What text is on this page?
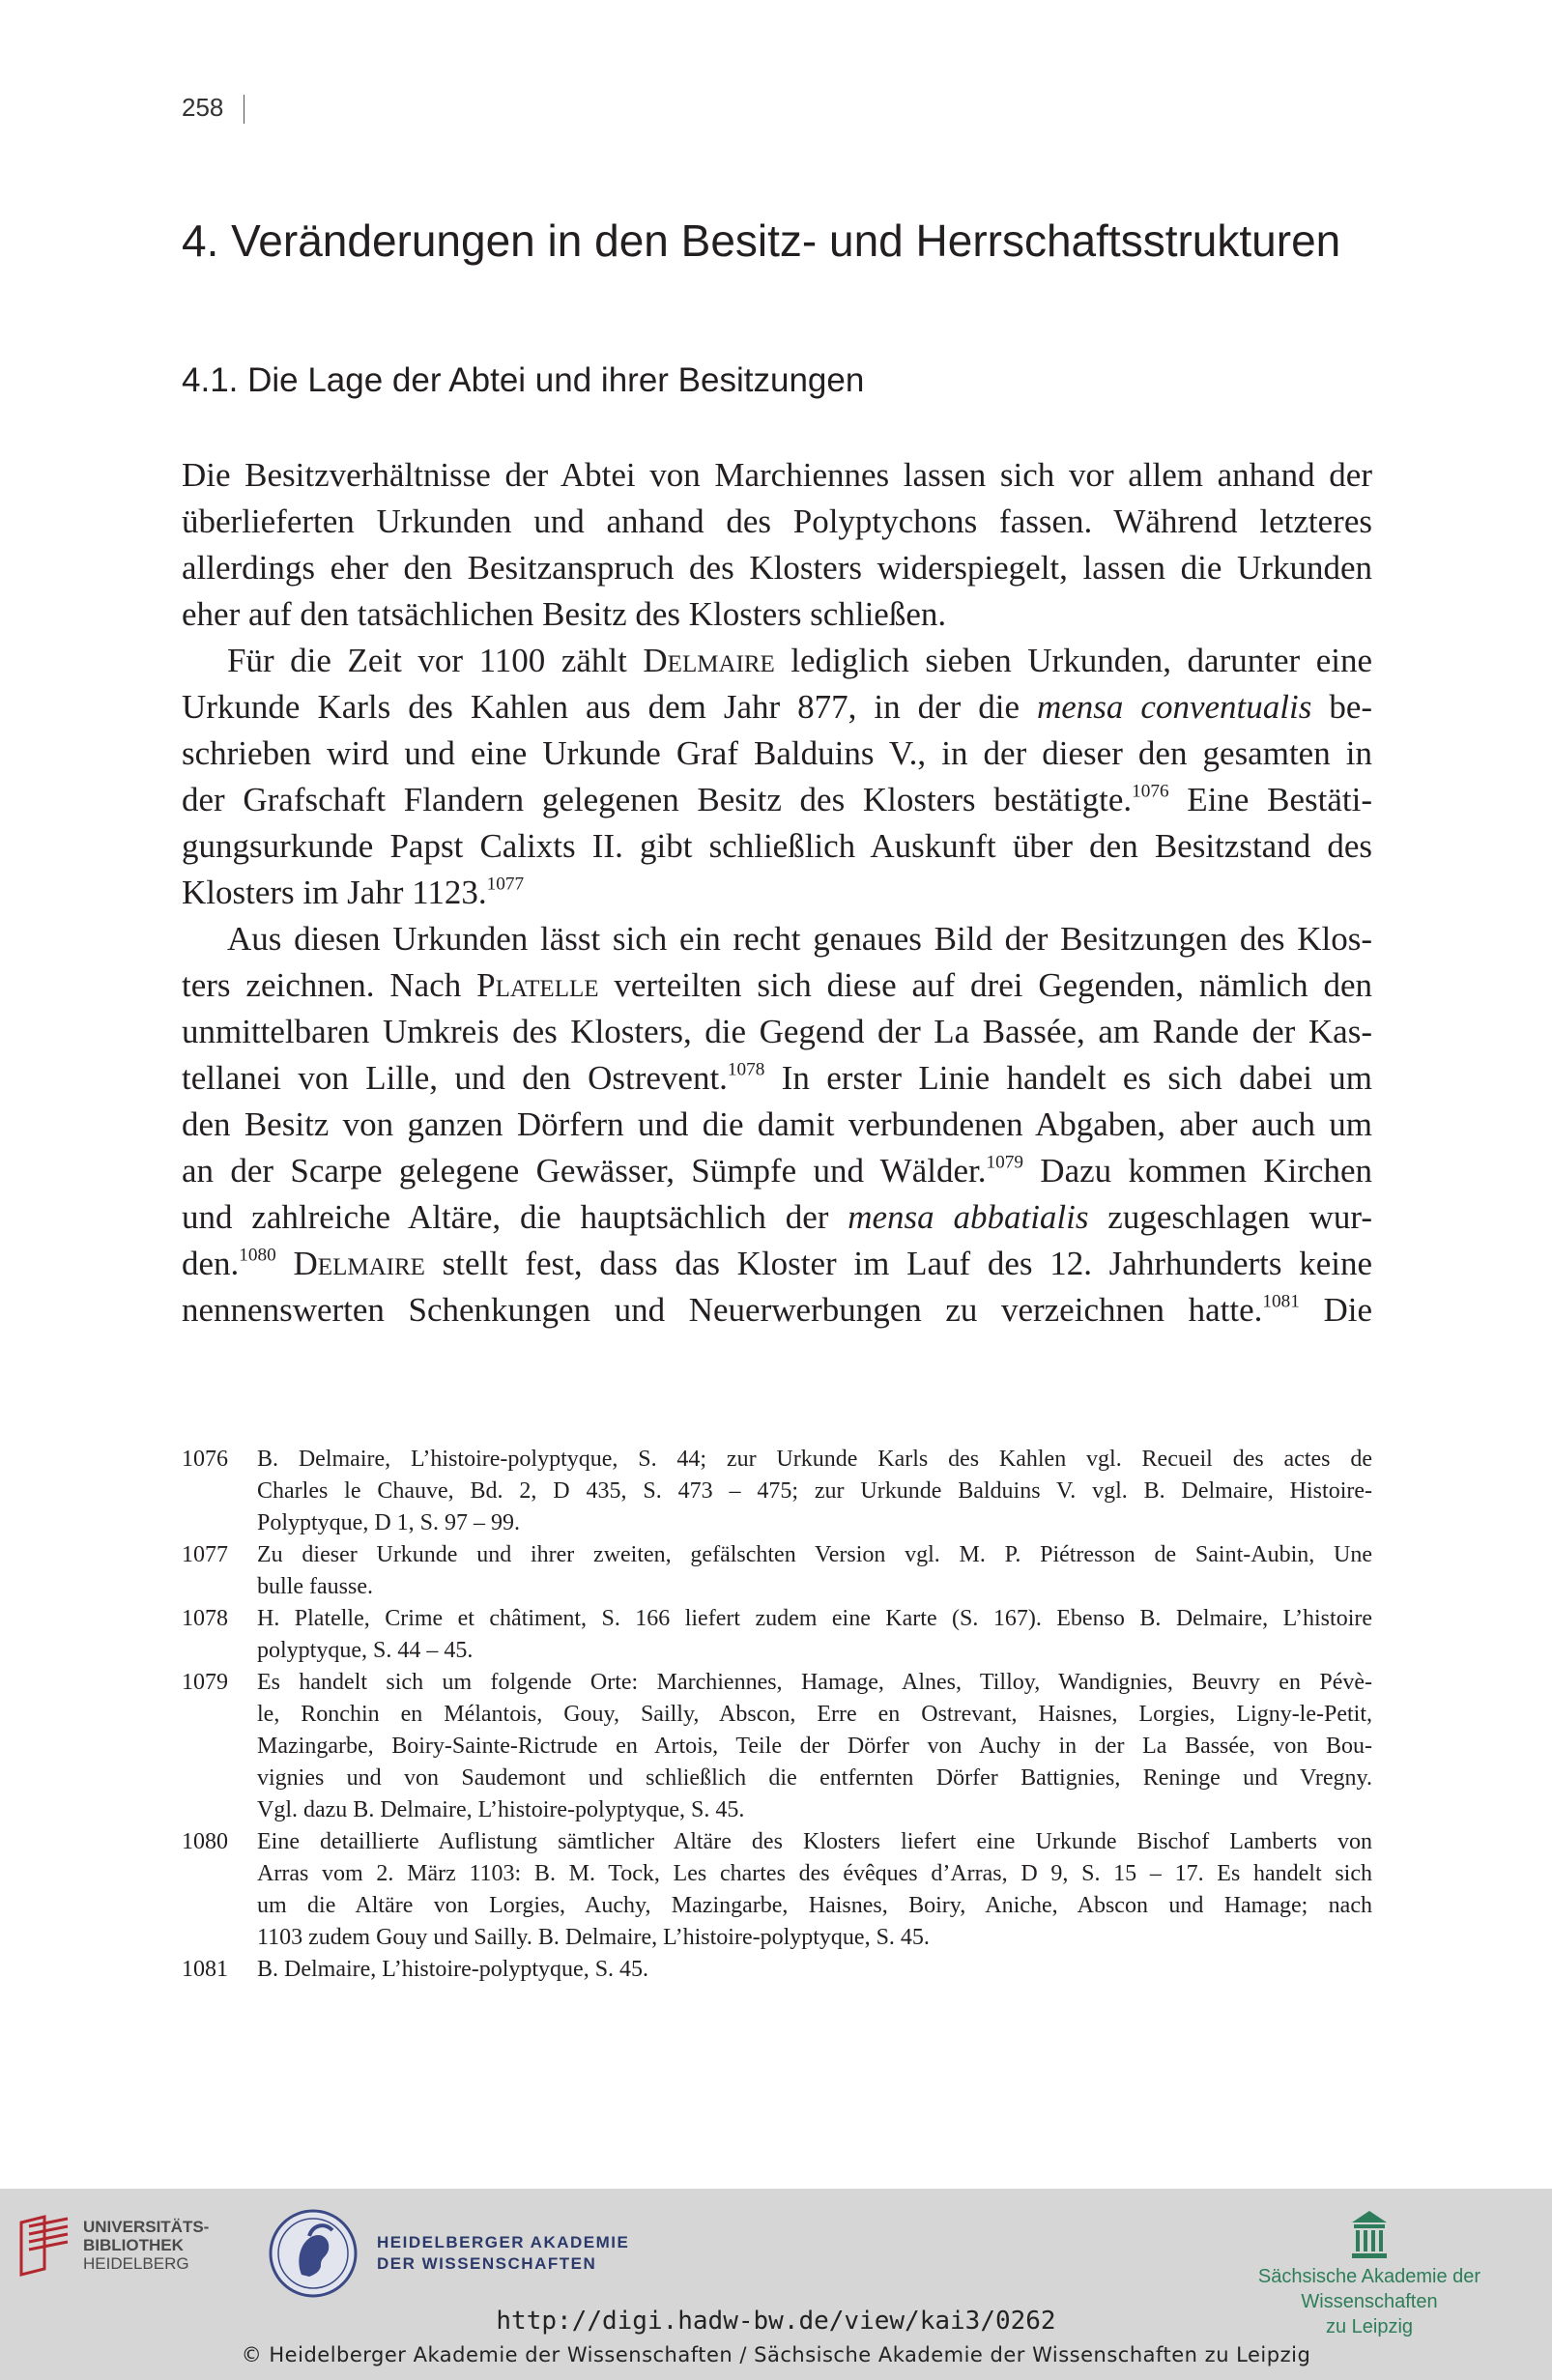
258
4. Veränderungen in den Besitz- und Herrschaftsstrukturen
4.1. Die Lage der Abtei und ihrer Besitzungen
Die Besitzverhältnisse der Abtei von Marchiennes lassen sich vor allem anhand der
überlieferten Urkunden und anhand des Polyptychons fassen. Während letzteres
allerdings eher den Besitzanspruch des Klosters widerspiegelt, lassen die Urkunden
eher auf den tatsächlichen Besitz des Klosters schließen.
Für die Zeit vor 1100 zählt Delmaire lediglich sieben Urkunden, darunter eine
Urkunde Karls des Kahlen aus dem Jahr 877, in der die mensa conventualis be-
schrieben wird und eine Urkunde Graf Balduins V., in der dieser den gesamten in
der Grafschaft Flandern gelegenen Besitz des Klosters bestätigte.$^{1076}$ Eine Bestäti-
gungsurkunde Papst Calixts II. gibt schließlich Auskunft über den Besitzstand des
Klosters im Jahr 1123.$^{1077}$
Aus diesen Urkunden lässt sich ein recht genaues Bild der Besitzungen des Klos-
ters zeichnen. Nach Platelle verteilten sich diese auf drei Gegenden, nämlich den
unmittelbaren Umkreis des Klosters, die Gegend der La Bassée, am Rande der Kas-
tellanei von Lille, und den Ostrevent.$^{1078}$ In erster Linie handelt es sich dabei um
den Besitz von ganzen Dörfern und die damit verbundenen Abgaben, aber auch um
an der Scarpe gelegene Gewässer, Sümpfe und Wälder.$^{1079}$ Dazu kommen Kirchen
und zahlreiche Altäre, die hauptsächlich der mensa abbatialis zugeschlagen wur-
den.$^{1080}$ Delmaire stellt fest, dass das Kloster im Lauf des 12. Jahrhunderts keine
nennenswerten Schenkungen und Neuerwerbungen zu verzeichnen hatte.$^{1081}$ Die
1076	B. Delmaire, L’histoire-polyptyque, S. 44; zur Urkunde Karls des Kahlen vgl. Recueil des actes de
Charles le Chauve, Bd. 2, D 435, S. 473 – 475; zur Urkunde Balduins V. vgl. B. Delmaire, Histoire-
Polyptyque, D 1, S. 97 – 99.
1077	Zu dieser Urkunde und ihrer zweiten, gefälschten Version vgl. M. P. Piétresson de Saint-Aubin, Une
bulle fausse.
1078	H. Platelle, Crime et châtiment, S. 166 liefert zudem eine Karte (S. 167). Ebenso B. Delmaire, L’histoire
polyptyque, S. 44 – 45.
1079	Es handelt sich um folgende Orte: Marchiennes, Hamage, Alnes, Tilloy, Wandignies, Beuvry en Pévè-
le, Ronchin en Mélantois, Gouy, Sailly, Abscon, Erre en Ostrevant, Haisnes, Lorgies, Ligny-le-Petit,
Mazingarbe, Boiry-Sainte-Rictrude en Artois, Teile der Dörfer von Auchy in der La Bassée, von Bou-
vignies und von Saudemont und schließlich die entfernten Dörfer Battignies, Reninge und Vregny.
Vgl. dazu B. Delmaire, L’histoire-polyptyque, S. 45.
1080	Eine detaillierte Auflistung sämtlicher Altäre des Klosters liefert eine Urkunde Bischof Lamberts von
Arras vom 2. März 1103: B. M. Tock, Les chartes des évêques d’Arras, D 9, S. 15 – 17. Es handelt sich
um die Altäre von Lorgies, Auchy, Mazingarbe, Haisnes, Boiry, Aniche, Abscon und Hamage; nach
1103 zudem Gouy und Sailly. B. Delmaire, L’histoire-polyptyque, S. 45.
1081	B. Delmaire, L’histoire-polyptyque, S. 45.
UNIVERSITÄTS-
BIBLIOTHEK
HEIDELBERG
HEIDELBERGER AKADEMIE
DER WISSENSCHAFTEN
Sächsische Akademie der Wissenschaften
zu Leipzig
http://digi.hadw-bw.de/view/kai3/0262
© Heidelberger Akademie der Wissenschaften / Sächsische Akademie der Wissenschaften zu Leipzig
